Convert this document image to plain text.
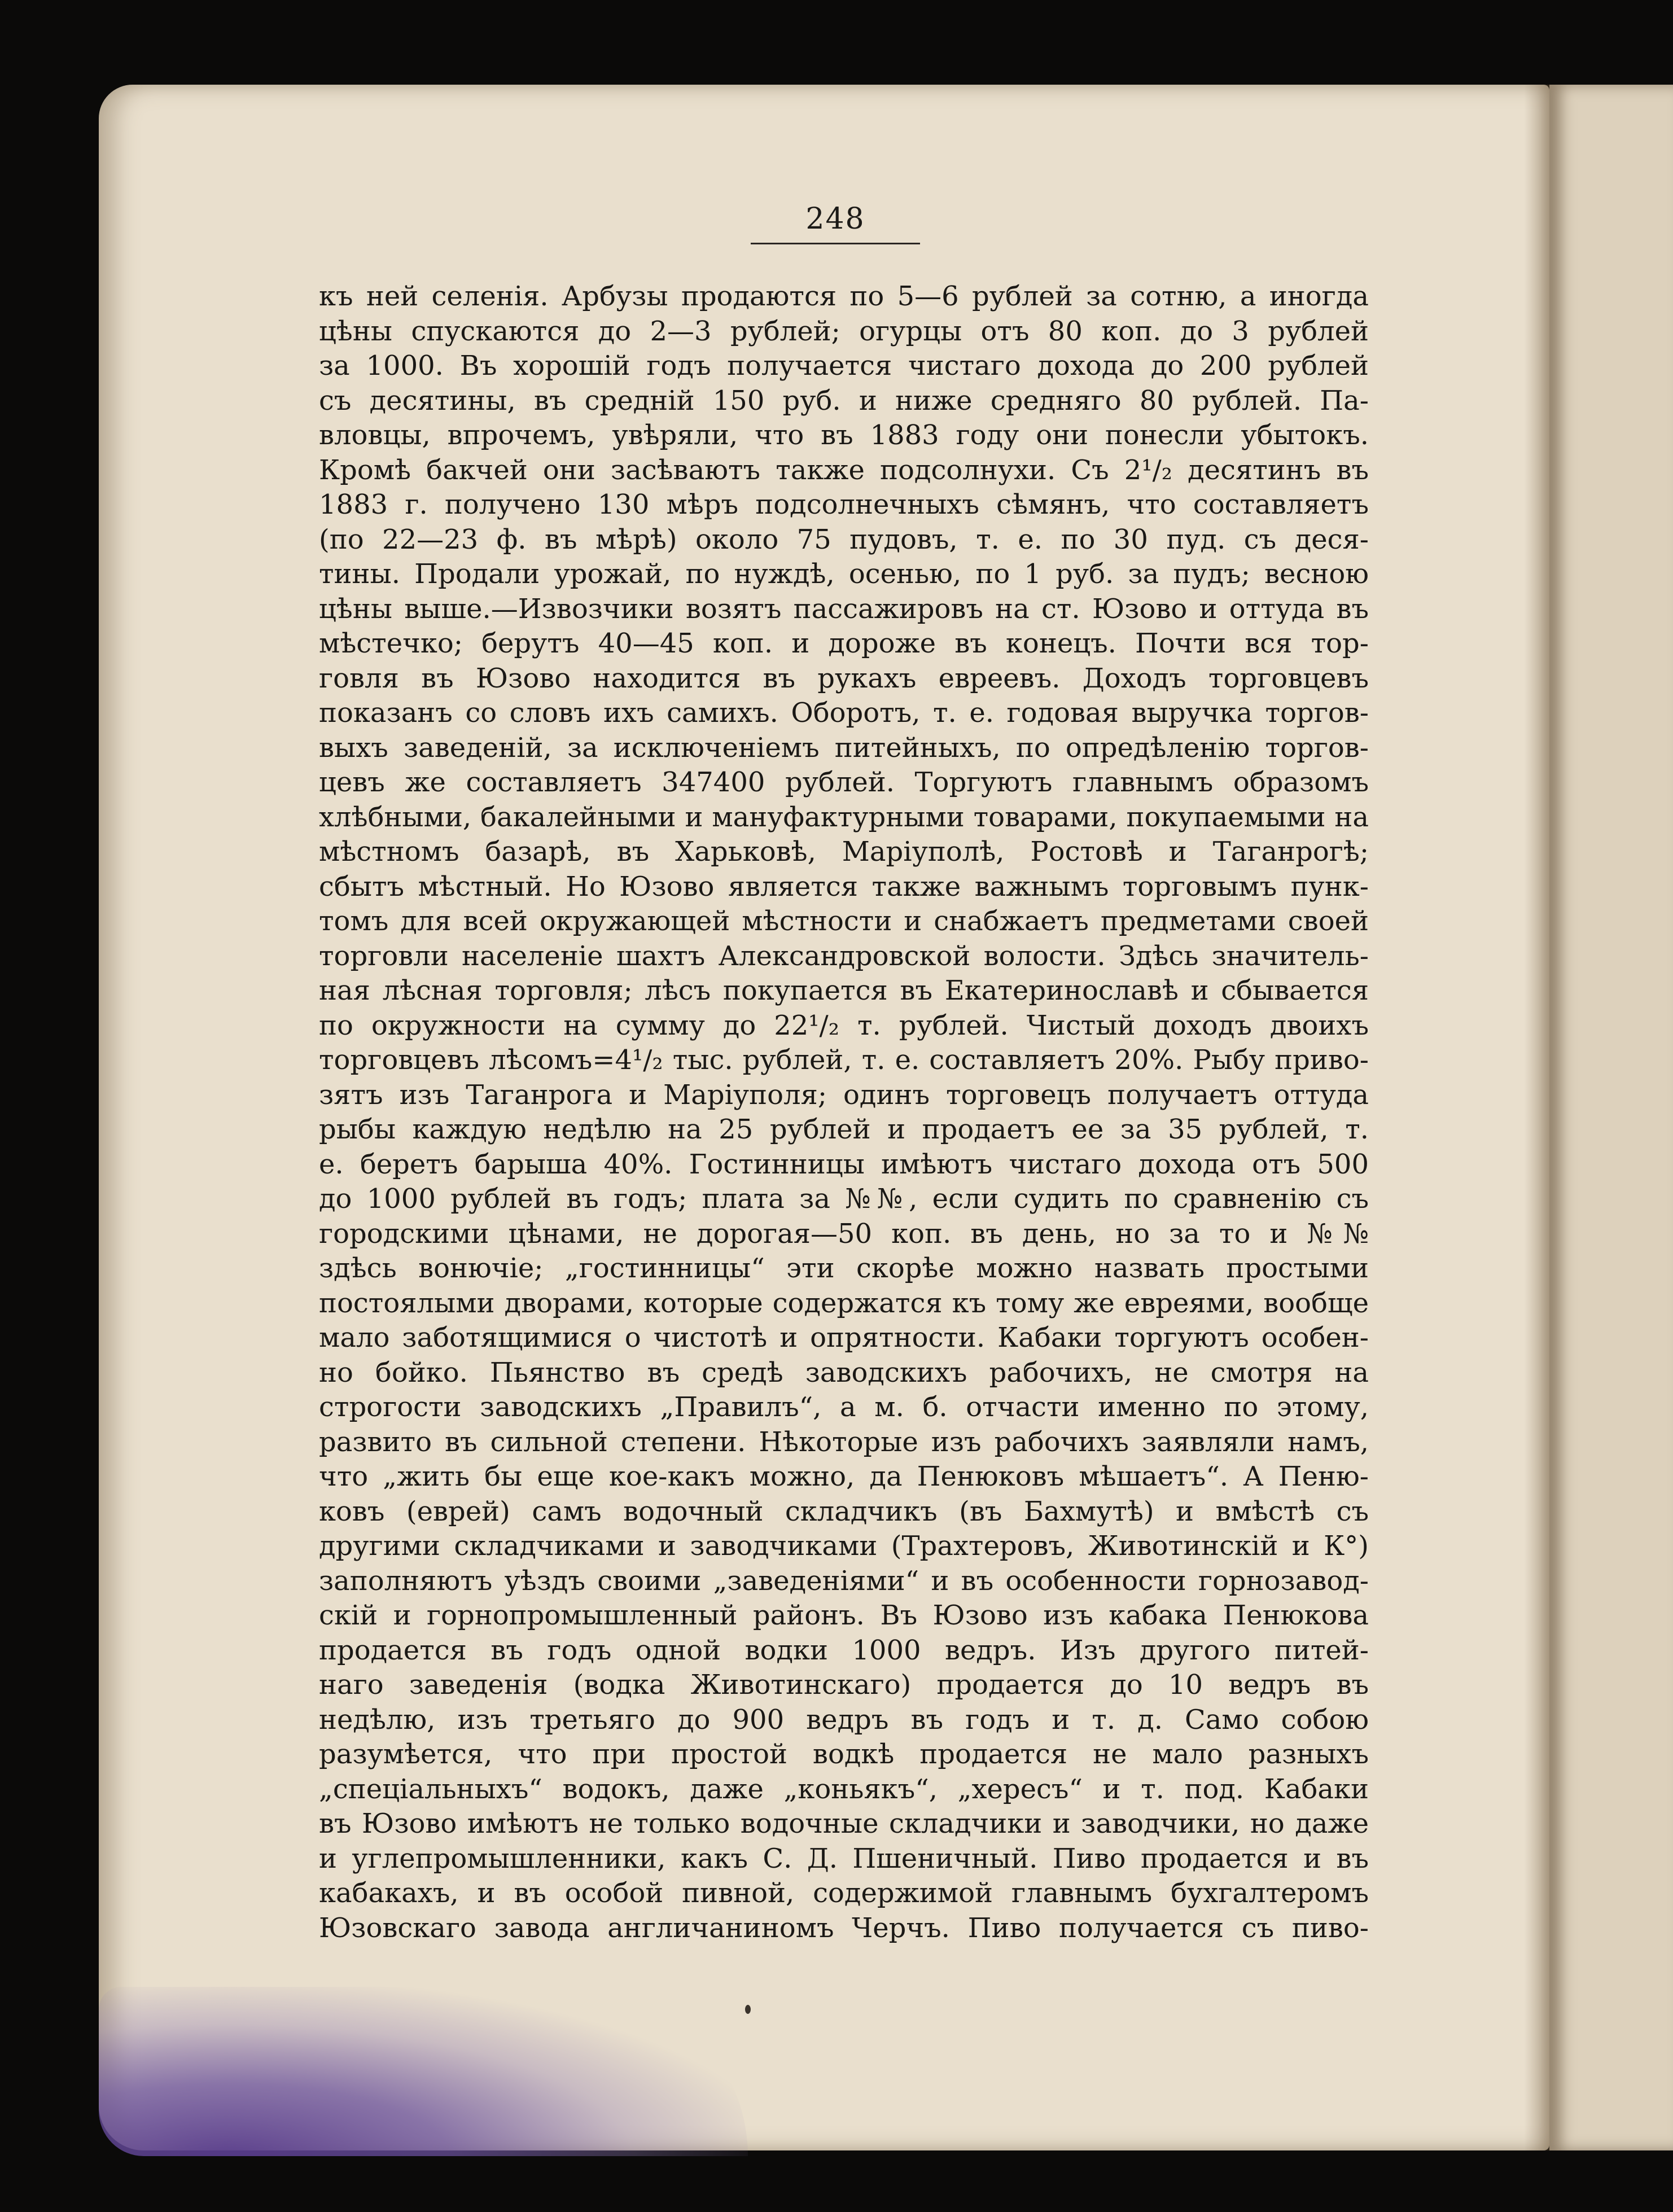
248
къ ней селенія. Арбузы продаются по 5—6 рублей за сотню, а иногда
цѣны спускаются до 2—3 рублей; огурцы отъ 80 коп. до 3 рублей
за 1000. Въ хорошій годъ получается чистаго дохода до 200 рублей
съ десятины, въ средній 150 руб. и ниже средняго 80 рублей. Па-
вловцы, впрочемъ, увѣряли, что въ 1883 году они понесли убытокъ.
Кромѣ бакчей они засѣваютъ также подсолнухи. Съ 2¹/₂ десятинъ въ
1883 г. получено 130 мѣръ подсолнечныхъ сѣмянъ, что составляетъ
(по 22—23 ф. въ мѣрѣ) около 75 пудовъ, т. е. по 30 пуд. съ деся-
тины. Продали урожай, по нуждѣ, осенью, по 1 руб. за пудъ; весною
цѣны выше.—Извозчики возятъ пассажировъ на ст. Юзово и оттуда въ
мѣстечко; берутъ 40—45 коп. и дороже въ конецъ. Почти вся тор-
говля въ Юзово находится въ рукахъ евреевъ. Доходъ торговцевъ
показанъ со словъ ихъ самихъ. Оборотъ, т. е. годовая выручка торгов-
выхъ заведеній, за исключеніемъ питейныхъ, по опредѣленію торгов-
цевъ же составляетъ 347400 рублей. Торгуютъ главнымъ образомъ
хлѣбными, бакалейными и мануфактурными товарами, покупаемыми на
мѣстномъ базарѣ, въ Харьковѣ, Маріуполѣ, Ростовѣ и Таганрогѣ;
сбытъ мѣстный. Но Юзово является также важнымъ торговымъ пунк-
томъ для всей окружающей мѣстности и снабжаетъ предметами своей
торговли населеніе шахтъ Александровской волости. Здѣсь значитель-
ная лѣсная торговля; лѣсъ покупается въ Екатеринославѣ и сбывается
по окружности на сумму до 22¹/₂ т. рублей. Чистый доходъ двоихъ
торговцевъ лѣсомъ=4¹/₂ тыс. рублей, т. е. составляетъ 20%. Рыбу приво-
зятъ изъ Таганрога и Маріуполя; одинъ торговецъ получаетъ оттуда
рыбы каждую недѣлю на 25 рублей и продаетъ ее за 35 рублей, т.
е. беретъ барыша 40%. Гостинницы имѣютъ чистаго дохода отъ 500
до 1000 рублей въ годъ; плата за №№, если судить по сравненію съ
городскими цѣнами, не дорогая—50 коп. въ день, но за то и №№
здѣсь вонючіе; „гостинницы“ эти скорѣе можно назвать простыми
постоялыми дворами, которые содержатся къ тому же евреями, вообще
мало заботящимися о чистотѣ и опрятности. Кабаки торгуютъ особен-
но бойко. Пьянство въ средѣ заводскихъ рабочихъ, не смотря на
строгости заводскихъ „Правилъ“, а м. б. отчасти именно по этому,
развито въ сильной степени. Нѣкоторые изъ рабочихъ заявляли намъ,
что „жить бы еще кое-какъ можно, да Пенюковъ мѣшаетъ“. А Пеню-
ковъ (еврей) самъ водочный складчикъ (въ Бахмутѣ) и вмѣстѣ съ
другими складчиками и заводчиками (Трахтеровъ, Животинскій и К°)
заполняютъ уѣздъ своими „заведеніями“ и въ особенности горнозавод-
скій и горнопромышленный районъ. Въ Юзово изъ кабака Пенюкова
продается въ годъ одной водки 1000 ведръ. Изъ другого питей-
наго заведенія (водка Животинскаго) продается до 10 ведръ въ
недѣлю, изъ третьяго до 900 ведръ въ годъ и т. д. Само собою
разумѣется, что при простой водкѣ продается не мало разныхъ
„спеціальныхъ“ водокъ, даже „коньякъ“, „хересъ“ и т. под. Кабаки
въ Юзово имѣютъ не только водочные складчики и заводчики, но даже
и углепромышленники, какъ С. Д. Пшеничный. Пиво продается и въ
кабакахъ, и въ особой пивной, содержимой главнымъ бухгалтеромъ
Юзовскаго завода англичаниномъ Черчъ. Пиво получается съ пиво-
